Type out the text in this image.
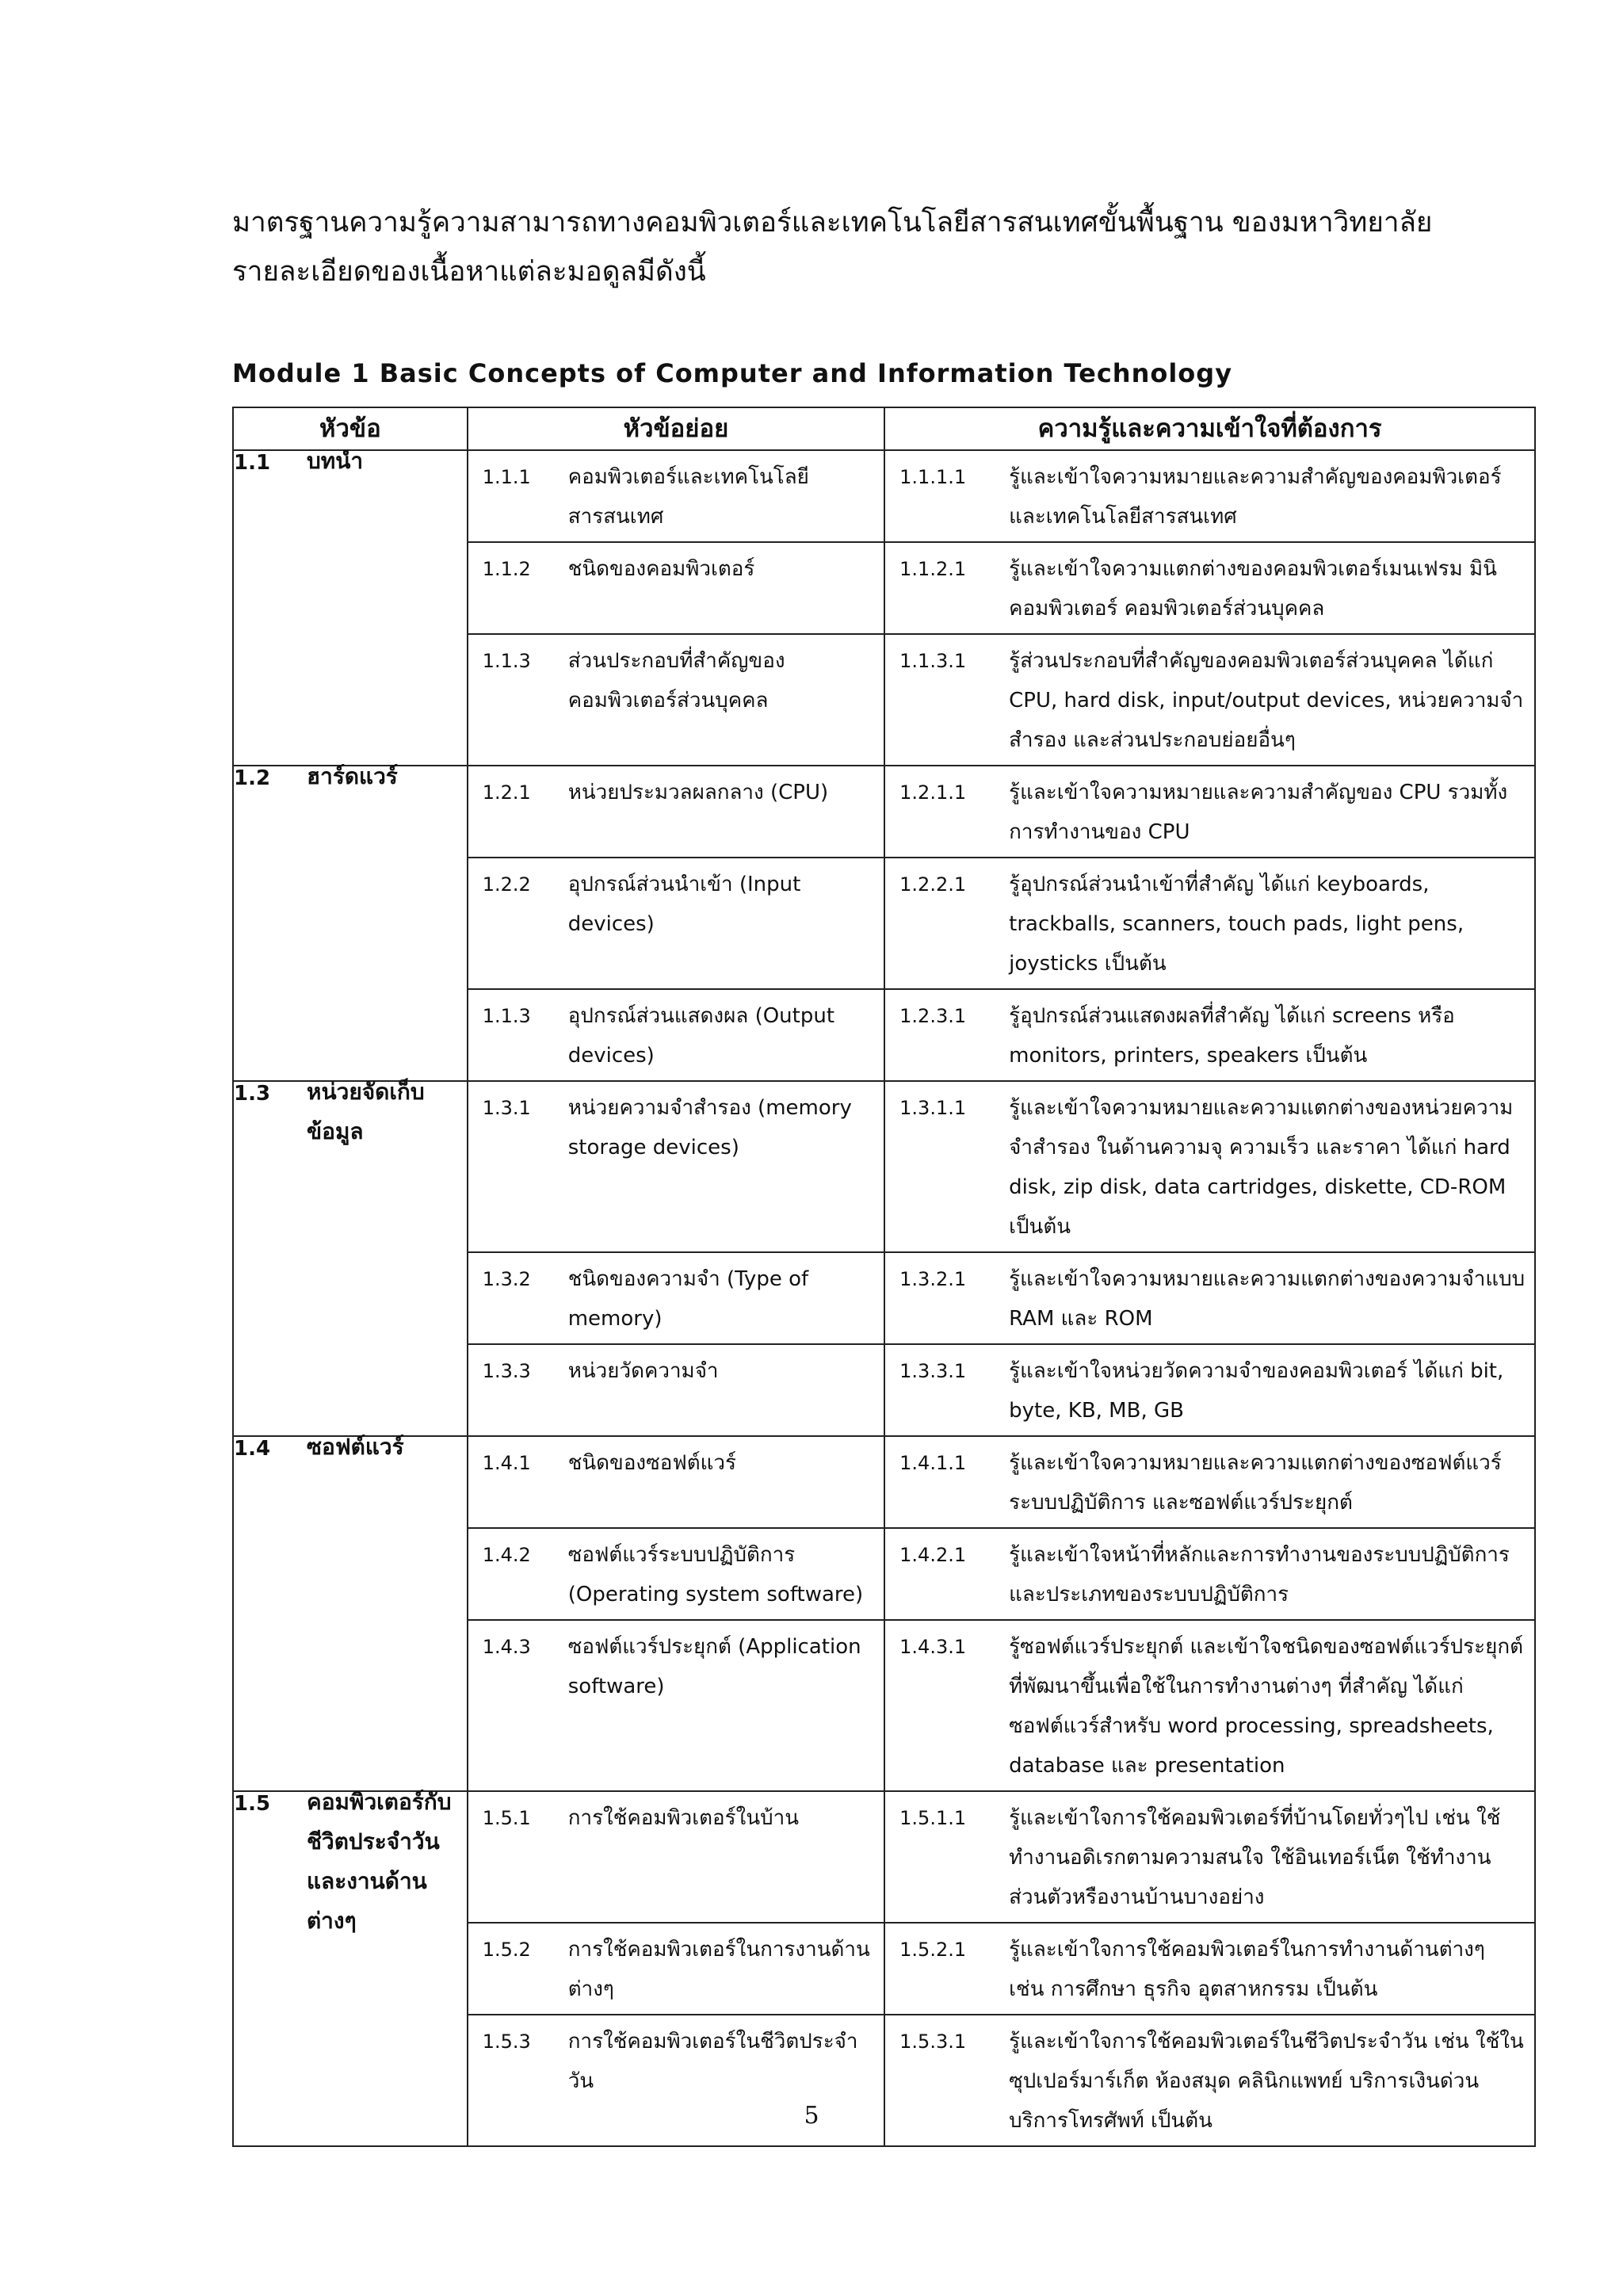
มาตรฐานความรู้ความสามารถทางคอมพิวเตอร์และเทคโนโลยีสารสนเทศขั้นพื้นฐาน ของมหาวิทยาลัย

รายละเอียดของเนื้อหาแต่ละมอดูลมีดังนี้

Module 1 Basic Concepts of Computer and Information Technology
หัวข้อ	หัวข้อย่อย	ความรู้และความเข้าใจที่ต้องการ
1.1 บทนำ	1.1.1 คอมพิวเตอร์และเทคโนโลยีสารสนเทศ	1.1.1.1 รู้และเข้าใจความหมายและความสำคัญของคอมพิวเตอร์และเทคโนโลยีสารสนเทศ

	1.1.2 ชนิดของคอมพิวเตอร์	1.1.2.1 รู้และเข้าใจความแตกต่างของคอมพิวเตอร์เมนเฟรม มินิคอมพิวเตอร์ คอมพิวเตอร์ส่วนบุคคล

	1.1.3 ส่วนประกอบที่สำคัญของคอมพิวเตอร์ส่วนบุคคล	1.1.3.1 รู้ส่วนประกอบที่สำคัญของคอมพิวเตอร์ส่วนบุคคล ได้แก่ CPU, hard disk, input/output devices, หน่วยความจำสำรอง และส่วนประกอบย่อยอื่นๆ

1.2 ฮาร์ดแวร์	1.2.1 หน่วยประมวลผลกลาง (CPU)	1.2.1.1 รู้และเข้าใจความหมายและความสำคัญของ CPU รวมทั้งการทำงานของ CPU

	1.2.2 อุปกรณ์ส่วนนำเข้า (Input devices)	1.2.2.1 รู้อุปกรณ์ส่วนนำเข้าที่สำคัญ ได้แก่ keyboards, trackballs, scanners, touch pads, light pens, joysticks เป็นต้น

	1.1.3 อุปกรณ์ส่วนแสดงผล (Output devices)	1.2.3.1 รู้อุปกรณ์ส่วนแสดงผลที่สำคัญ ได้แก่ screens หรือ monitors, printers, speakers เป็นต้น

1.3 หน่วยจัดเก็บข้อมูล	1.3.1 หน่วยความจำสำรอง (memory storage devices)	1.3.1.1 รู้และเข้าใจความหมายและความแตกต่างของหน่วยความจำสำรอง ในด้านความจุ ความเร็ว และราคา ได้แก่ hard disk, zip disk, data cartridges, diskette, CD-ROM เป็นต้น

	1.3.2 ชนิดของความจำ (Type of memory)	1.3.2.1 รู้และเข้าใจความหมายและความแตกต่างของความจำแบบ RAM และ ROM

	1.3.3 หน่วยวัดความจำ	1.3.3.1 รู้และเข้าใจหน่วยวัดความจำของคอมพิวเตอร์ ได้แก่ bit, byte, KB, MB, GB

1.4 ซอฟต์แวร์	1.4.1 ชนิดของซอฟต์แวร์	1.4.1.1 รู้และเข้าใจความหมายและความแตกต่างของซอฟต์แวร์ระบบปฏิบัติการ และซอฟต์แวร์ประยุกต์

	1.4.2 ซอฟต์แวร์ระบบปฏิบัติการ (Operating system software)	1.4.2.1 รู้และเข้าใจหน้าที่หลักและการทำงานของระบบปฏิบัติการและประเภทของระบบปฏิบัติการ

	1.4.3 ซอฟต์แวร์ประยุกต์ (Application software)	1.4.3.1 รู้ซอฟต์แวร์ประยุกต์ และเข้าใจชนิดของซอฟต์แวร์ประยุกต์ที่พัฒนาขึ้นเพื่อใช้ในการทำงานต่างๆ ที่สำคัญ ได้แก่ ซอฟต์แวร์สำหรับ word processing, spreadsheets, database และ presentation

1.5 คอมพิวเตอร์กับชีวิตประจำวันและงานด้านต่างๆ	1.5.1 การใช้คอมพิวเตอร์ในบ้าน	1.5.1.1 รู้และเข้าใจการใช้คอมพิวเตอร์ที่บ้านโดยทั่วๆไป เช่น ใช้ทำงานอดิเรกตามความสนใจ ใช้อินเทอร์เน็ต ใช้ทำงานส่วนตัวหรืองานบ้านบางอย่าง

	1.5.2 การใช้คอมพิวเตอร์ในการงานด้านต่างๆ	1.5.2.1 รู้และเข้าใจการใช้คอมพิวเตอร์ในการทำงานด้านต่างๆ เช่น การศึกษา ธุรกิจ อุตสาหกรรม เป็นต้น

	1.5.3 การใช้คอมพิวเตอร์ในชีวิตประจำวัน	1.5.3.1 รู้และเข้าใจการใช้คอมพิวเตอร์ในชีวิตประจำวัน เช่น ใช้ในซุปเปอร์มาร์เก็ต ห้องสมุด คลินิกแพทย์ บริการเงินด่วน บริการโทรศัพท์ เป็นต้น

5
